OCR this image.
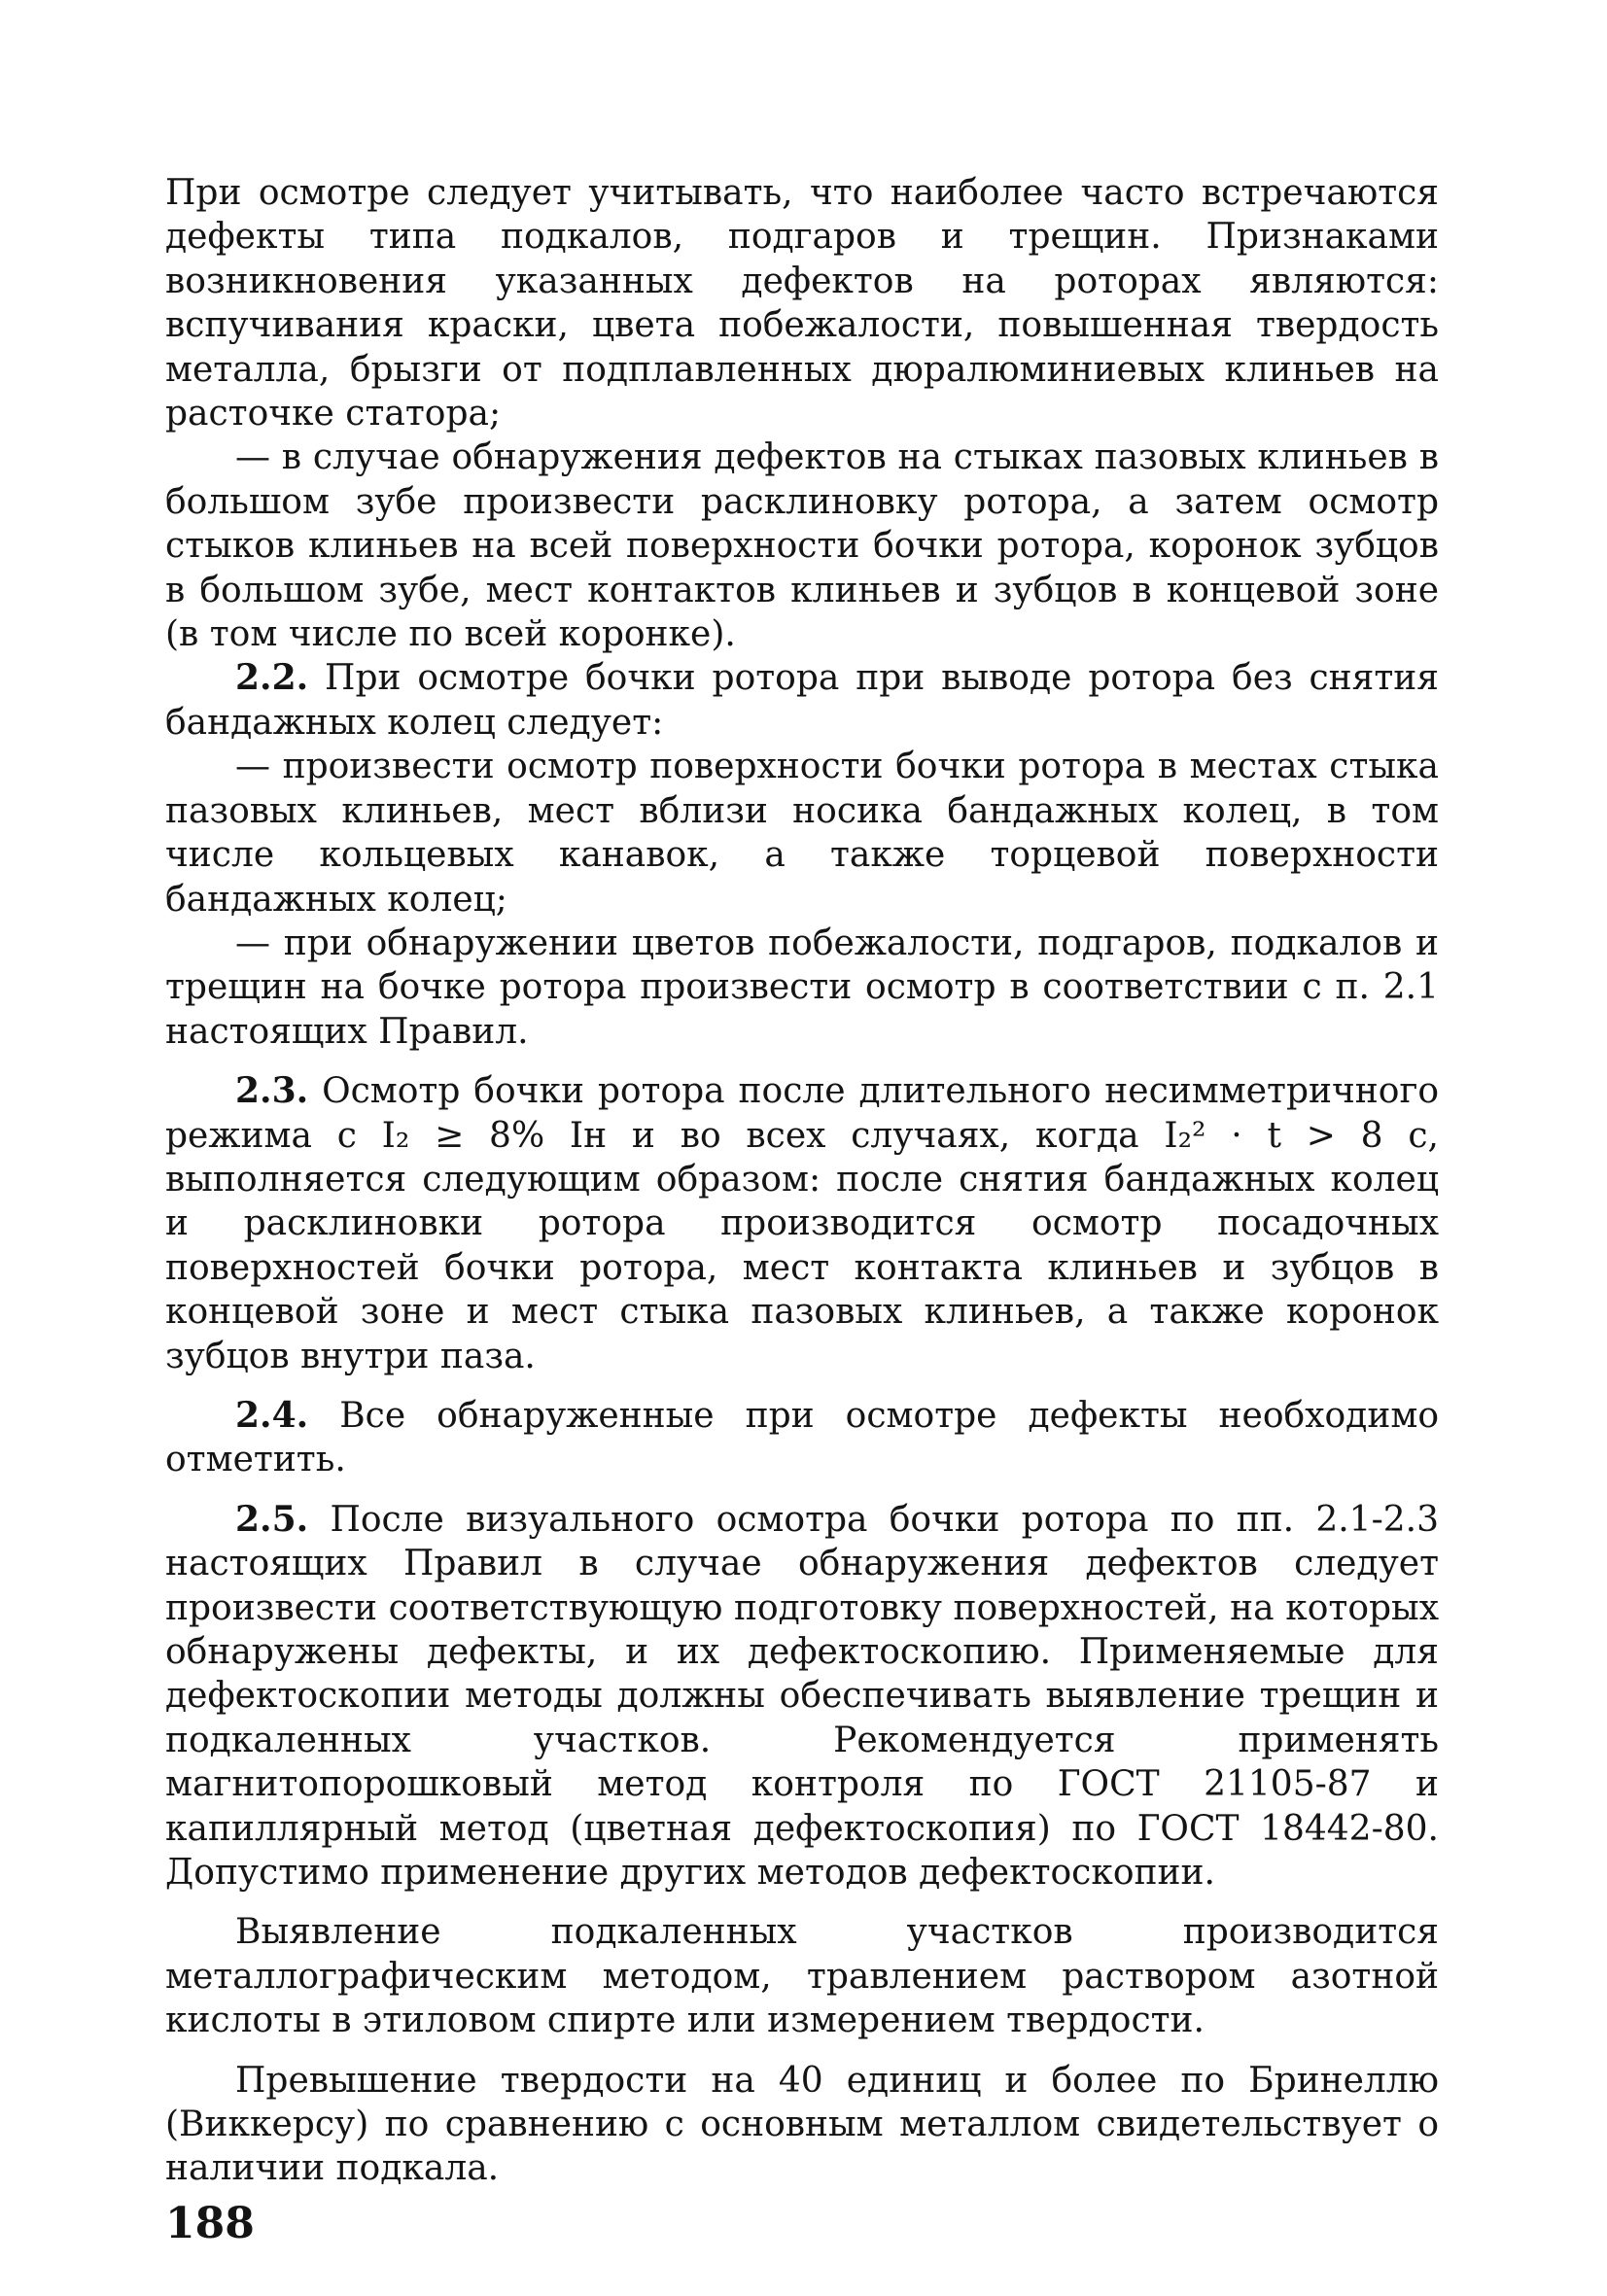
При осмотре следует учитывать, что наиболее часто встречаются дефекты типа подкалов, подгаров и трещин. Признаками возникновения указанных дефектов на роторах являются: вспучивания краски, цвета побежалости, повышенная твердость металла, брызги от подплавленных дюралюминиевых клиньев на расточке статора;

— в случае обнаружения дефектов на стыках пазовых клиньев в большом зубе произвести расклиновку ротора, а затем осмотр стыков клиньев на всей поверхности бочки ротора, коронок зубцов в большом зубе, мест контактов клиньев и зубцов в концевой зоне (в том числе по всей коронке).

2.2. При осмотре бочки ротора при выводе ротора без снятия бандажных колец следует:

— произвести осмотр поверхности бочки ротора в местах стыка пазовых клиньев, мест вблизи носика бандажных колец, в том числе кольцевых канавок, а также торцевой поверхности бандажных колец;

— при обнаружении цветов побежалости, подгаров, подкалов и трещин на бочке ротора произвести осмотр в соответствии с п. 2.1 настоящих Правил.

2.3. Осмотр бочки ротора после длительного несимметричного режима с I₂ ≥ 8% Iн и во всех случаях, когда I₂² · t > 8 с, выполняется следующим образом: после снятия бандажных колец и расклиновки ротора производится осмотр посадочных поверхностей бочки ротора, мест контакта клиньев и зубцов в концевой зоне и мест стыка пазовых клиньев, а также коронок зубцов внутри паза.

2.4. Все обнаруженные при осмотре дефекты необходимо отметить.

2.5. После визуального осмотра бочки ротора по пп. 2.1-2.3 настоящих Правил в случае обнаружения дефектов следует произвести соответствующую подготовку поверхностей, на которых обнаружены дефекты, и их дефектоскопию. Применяемые для дефектоскопии методы должны обеспечивать выявление трещин и подкаленных участков. Рекомендуется применять магнитопорошковый метод контроля по ГОСТ 21105-87 и капиллярный метод (цветная дефектоскопия) по ГОСТ 18442-80. Допустимо применение других методов дефектоскопии.

Выявление подкаленных участков производится металлографическим методом, травлением раствором азотной кислоты в этиловом спирте или измерением твердости.

Превышение твердости на 40 единиц и более по Бринеллю (Виккерсу) по сравнению с основным металлом свидетельствует о наличии подкала.

188
